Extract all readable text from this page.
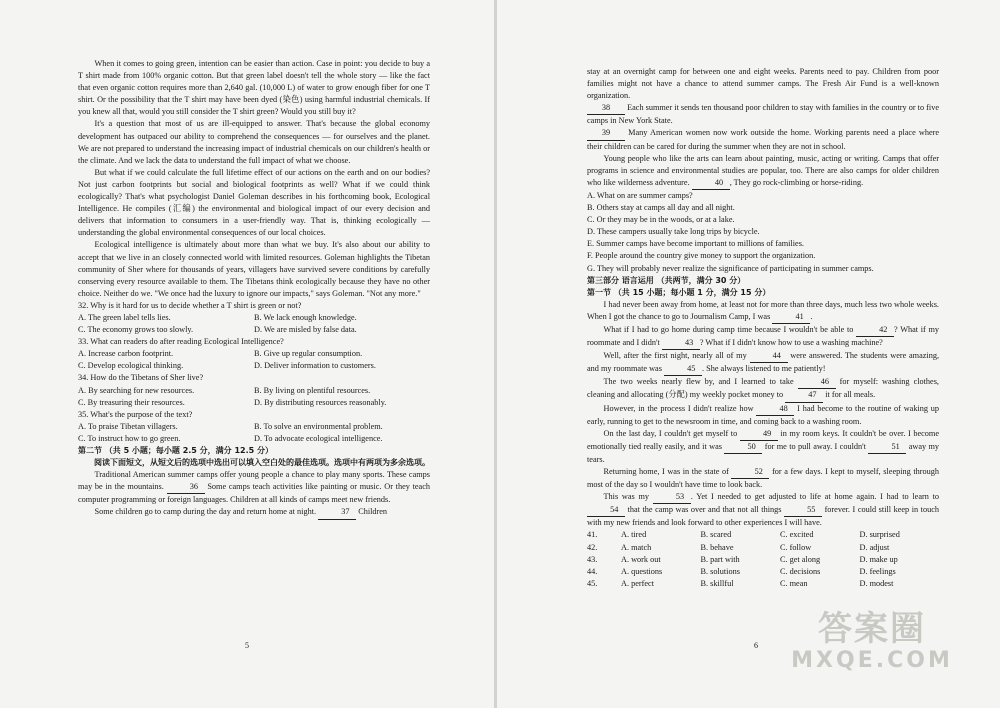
When it comes to going green, intention can be easier than action. Case in point: you decide to buy a T shirt made from 100% organic cotton. But that green label doesn't tell the whole story — like the fact that even organic cotton requires more than 2,640 gal. (10,000 L) of water to grow enough fiber for one T shirt. Or the possibility that the T shirt may have been dyed (染色) using harmful industrial chemicals. If you knew all that, would you still consider the T shirt green? Would you still buy it?

It's a question that most of us are ill-equipped to answer. That's because the global economy development has outpaced our ability to comprehend the consequences — for ourselves and the planet. We are not prepared to understand the increasing impact of industrial chemicals on our children's health or the climate. And we lack the data to understand the full impact of what we choose.

But what if we could calculate the full lifetime effect of our actions on the earth and on our bodies? Not just carbon footprints but social and biological footprints as well? What if we could think ecologically? That's what psychologist Daniel Goleman describes in his forthcoming book, Ecological Intelligence. He compiles (汇编) the environmental and biological impact of our every decision and delivers that information to consumers in a user-friendly way. That is, thinking ecologically — understanding the global environmental consequences of our local choices.

Ecological intelligence is ultimately about more than what we buy. It's also about our ability to accept that we live in an closely connected world with limited resources. Goleman highlights the Tibetan community of Sher where for thousands of years, villagers have survived severe conditions by carefully conserving every resource available to them. The Tibetans think ecologically because they have no other choice. Neither do we. "We once had the luxury to ignore our impacts," says Goleman. "Not any more."

32. Why is it hard for us to decide whether a T shirt is green or not?

A. The green label tells lies.	B. We lack enough knowledge.
C. The economy grows too slowly.	D. We are misled by false data.

33. What can readers do after reading Ecological Intelligence?

A. Increase carbon footprint.	B. Give up regular consumption.
C. Develop ecological thinking.	D. Deliver information to customers.

34. How do the Tibetans of Sher live?

A. By searching for new resources.	B. By living on plentiful resources.
C. By treasuring their resources.	D. By distributing resources reasonably.

35. What's the purpose of the text?

A. To praise Tibetan villagers.	B. To solve an environmental problem.
C. To instruct how to go green.	D. To advocate ecological intelligence.

第二节 （共 5 小题；每小题 2.5 分，满分 12.5 分）

阅读下面短文，从短文后的选项中选出可以填入空白处的最佳选项。选项中有两项为多余选项。

Traditional American summer camps offer young people a chance to play many sports. These camps may be in the mountains.	36 Some camps teach activities like painting or music. Or they teach computer programming or foreign languages. Children at all kinds of camps meet new friends.

Some children go to camp during the day and return home at night.	37 Children

5

stay at an overnight camp for between one and eight weeks. Parents need to pay. Children from poor families might not have a chance to attend summer camps. The Fresh Air Fund is a well-known organization.

38 Each summer it sends ten thousand poor children to stay with families in the country or to five camps in New York State.

39 Many American women now work outside the home. Working parents need a place where their children can be cared for during the summer when they are not in school.

Young people who like the arts can learn about painting, music, acting or writing. Camps that offer programs in science and environmental studies are popular, too. There are also camps for older children who like wilderness adventure.	40 , They go rock-climbing or horse-riding.

A. What on are summer camps?

B. Others stay at camps all day and all night.

C. Or they may be in the woods, or at a lake.

D. These campers usually take long trips by bicycle.

E. Summer camps have become important to millions of families.

F. People around the country give money to support the organization.

G. They will probably never realize the significance of participating in summer camps.

第三部分 语言运用 （共两节，满分 30 分）

第一节 （共 15 小题；每小题 1 分，满分 15 分）

I had never been away from home, at least not for more than three days, much less two whole weeks. When I got the chance to go to Journalism Camp, I was	41 .

What if I had to go home during camp time because I wouldn't be able to	42 ? What if my roommate and I didn't	43 ? What if I didn't know how to use a washing machine?

Well, after the first night, nearly all of my	44 were answered. The students were amazing, and my roommate was	45 . She always listened to me patiently!

The two weeks nearly flew by, and I learned to take	46 for myself: washing clothes, cleaning and allocating (分配) my weekly pocket money to	47 it for all meals.

However, in the process I didn't realize how	48 I had become to the routine of waking up early, running to get to the newsroom in time, and coming back to a washing room.

On the last day, I couldn't get myself to	49 in my room keys. It couldn't be over. I become emotionally tied really easily, and it was	50 for me to pull away. I couldn't	51 away my tears.

Returning home, I was in the state of	52 for a few days. I kept to myself, sleeping through most of the day so I wouldn't have time to look back.

This was my	53 . Yet I needed to get adjusted to life at home again. I had to learn to 54 that the camp was over and that not all things	55 forever. I could still keep in touch with my new friends and look forward to other experiences I will have.

41.	A. tired	B. scared	C. excited	D. surprised
42.	A. match	B. behave	C. follow	D. adjust
43.	A. work out	B. part with	C. get along	D. make up
44.	A. questions	B. solutions	C. decisions	D. feelings
45.	A. perfect	B. skillful	C. mean	D. modest
6	答案圈
MXQE.COM
